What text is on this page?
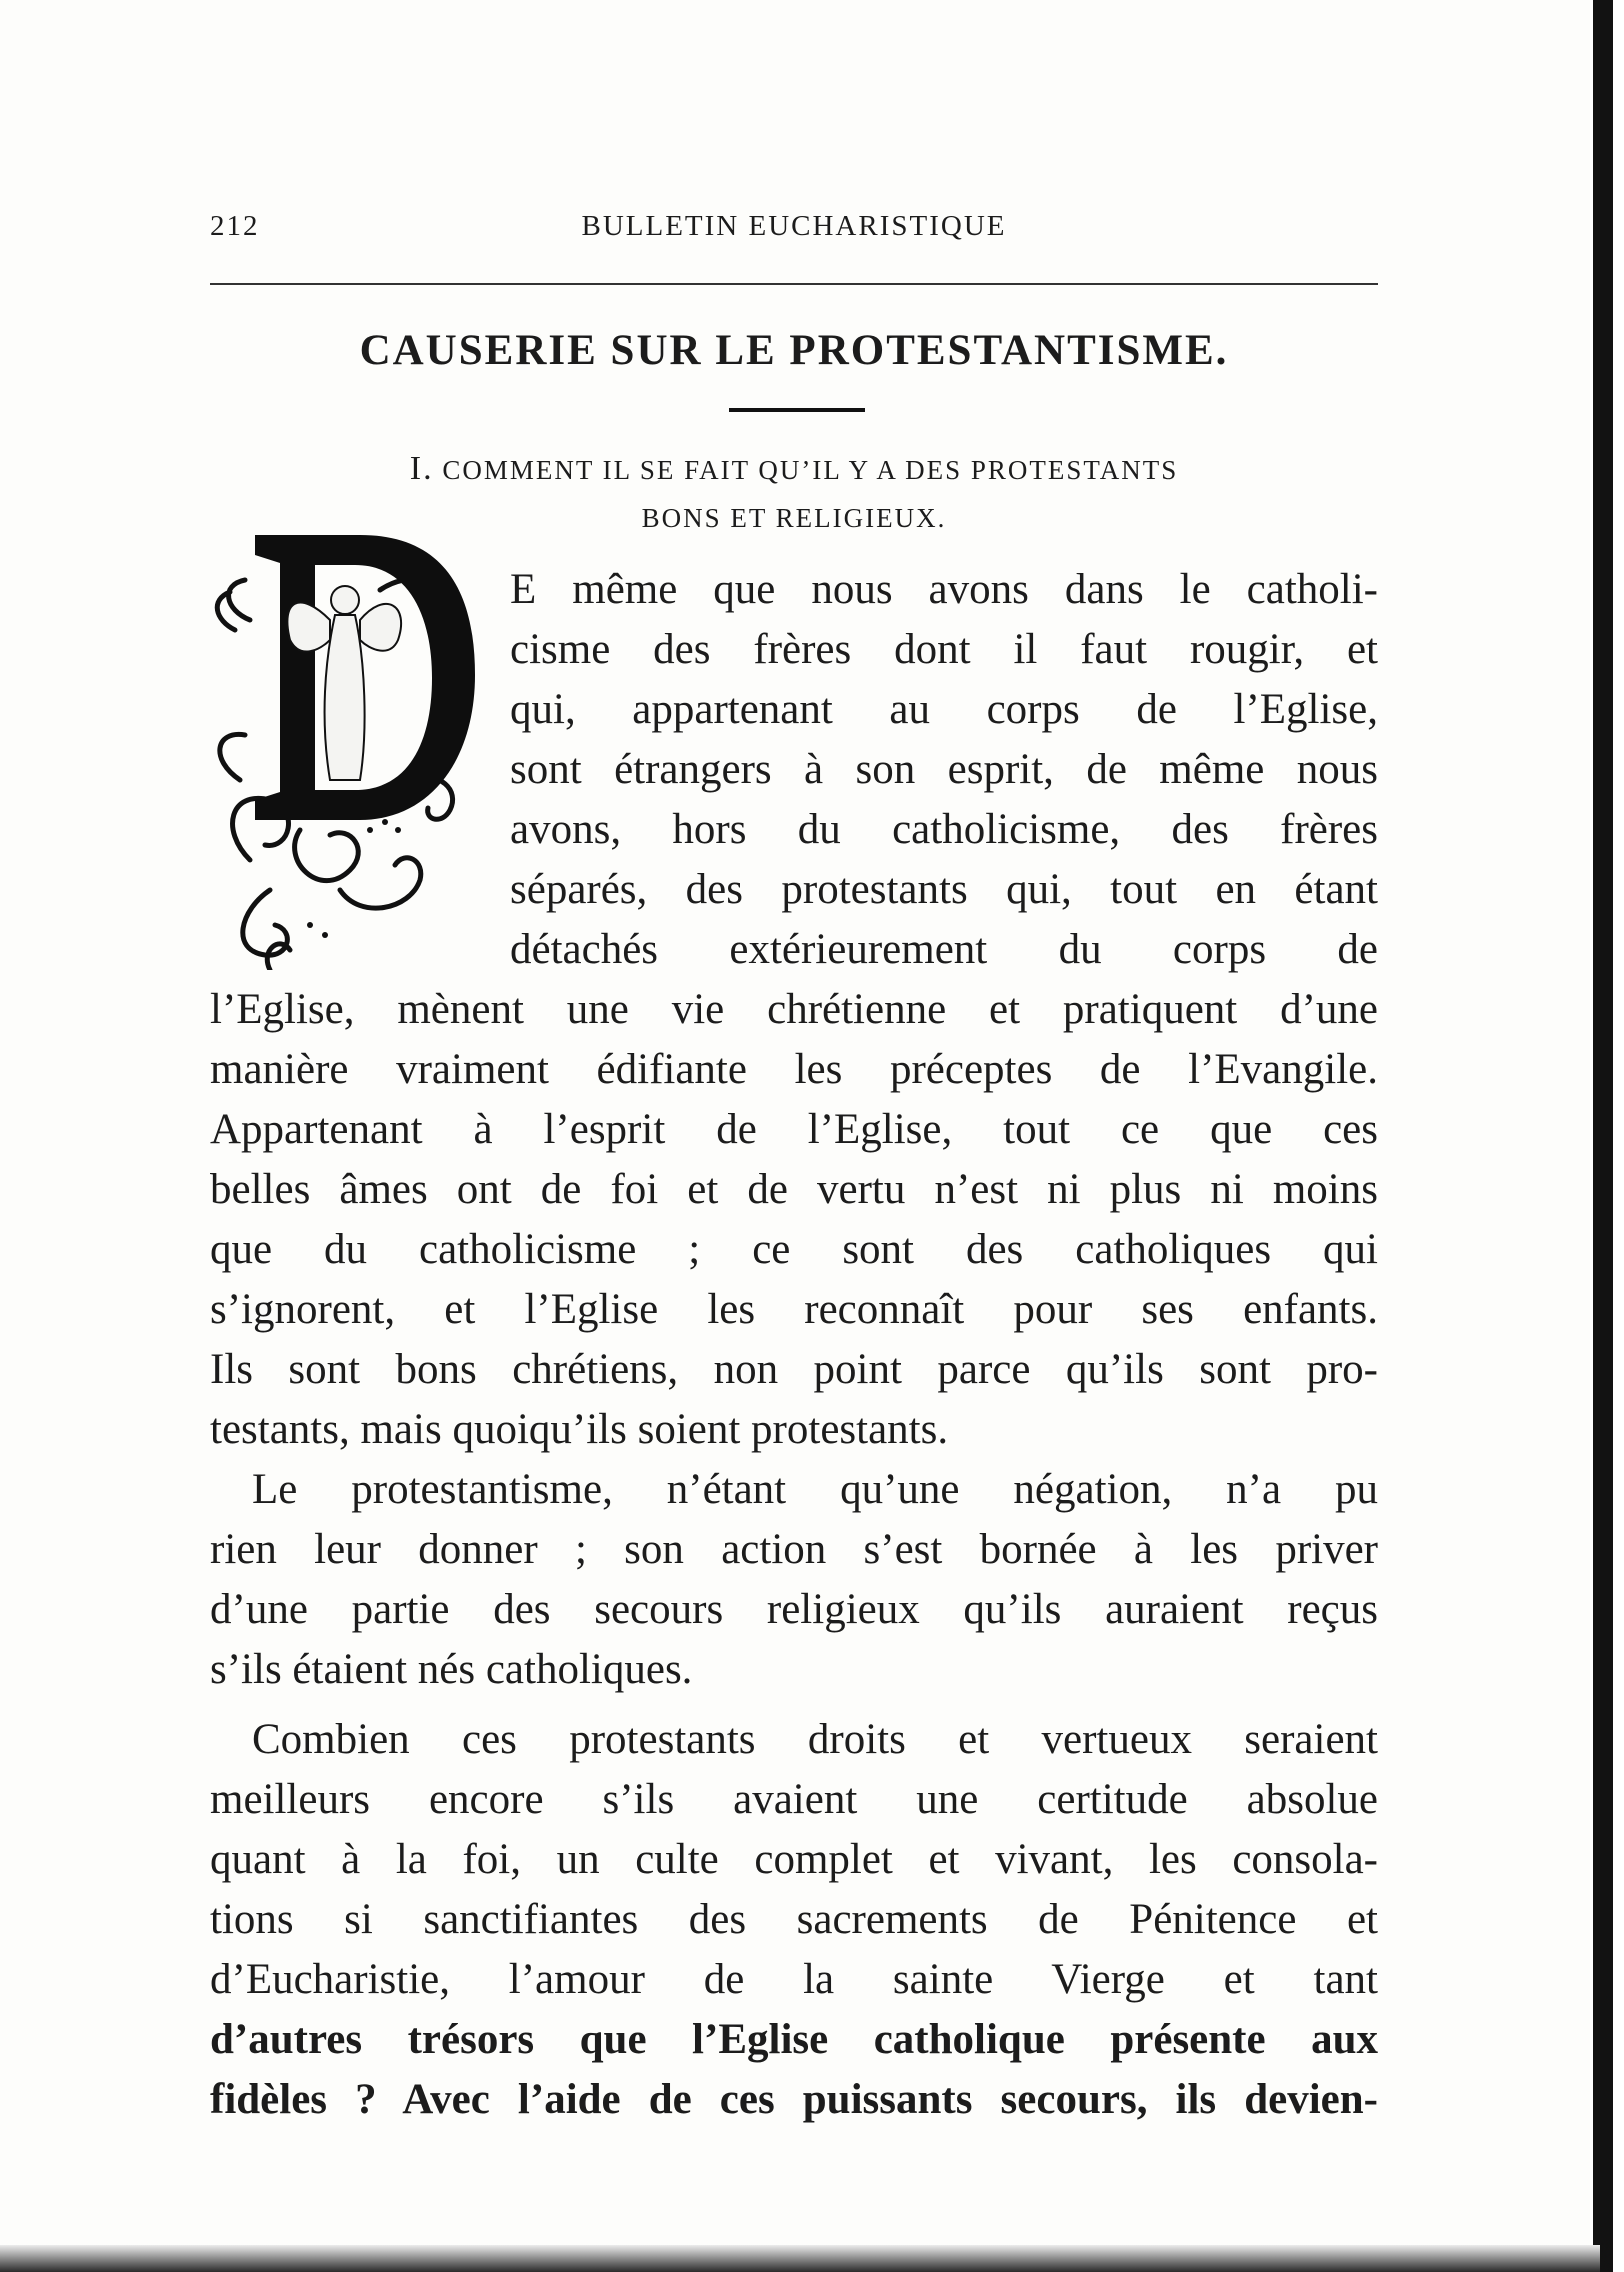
212	BULLETIN EUCHARISTIQUE
CAUSERIE SUR LE PROTESTANTISME.
I. COMMENT IL SE FAIT QU’IL Y A DES PROTESTANTS
BONS ET RELIGIEUX.
E même que nous avons dans le catholi-
cisme des frères dont il faut rougir, et
qui, appartenant au corps de l’Eglise,
sont étrangers à son esprit, de même nous
avons, hors du catholicisme, des frères
séparés, des protestants qui, tout en étant
détachés extérieurement du corps de
l’Eglise, mènent une vie chrétienne et pratiquent d’une
manière vraiment édifiante les préceptes de l’Evangile.
Appartenant à l’esprit de l’Eglise, tout ce que ces
belles âmes ont de foi et de vertu n’est ni plus ni moins
que du catholicisme ; ce sont des catholiques qui
s’ignorent, et l’Eglise les reconnaît pour ses enfants.
Ils sont bons chrétiens, non point parce qu’ils sont pro-
testants, mais quoiqu’ils soient protestants.
Le protestantisme, n’étant qu’une négation, n’a pu
rien leur donner ; son action s’est bornée à les priver
d’une partie des secours religieux qu’ils auraient reçus
s’ils étaient nés catholiques.
Combien ces protestants droits et vertueux seraient
meilleurs encore s’ils avaient une certitude absolue
quant à la foi, un culte complet et vivant, les consola-
tions si sanctifiantes des sacrements de Pénitence et
d’Eucharistie, l’amour de la sainte Vierge et tant
d’autres trésors que l’Eglise catholique présente aux
fidèles ? Avec l’aide de ces puissants secours, ils devien-
